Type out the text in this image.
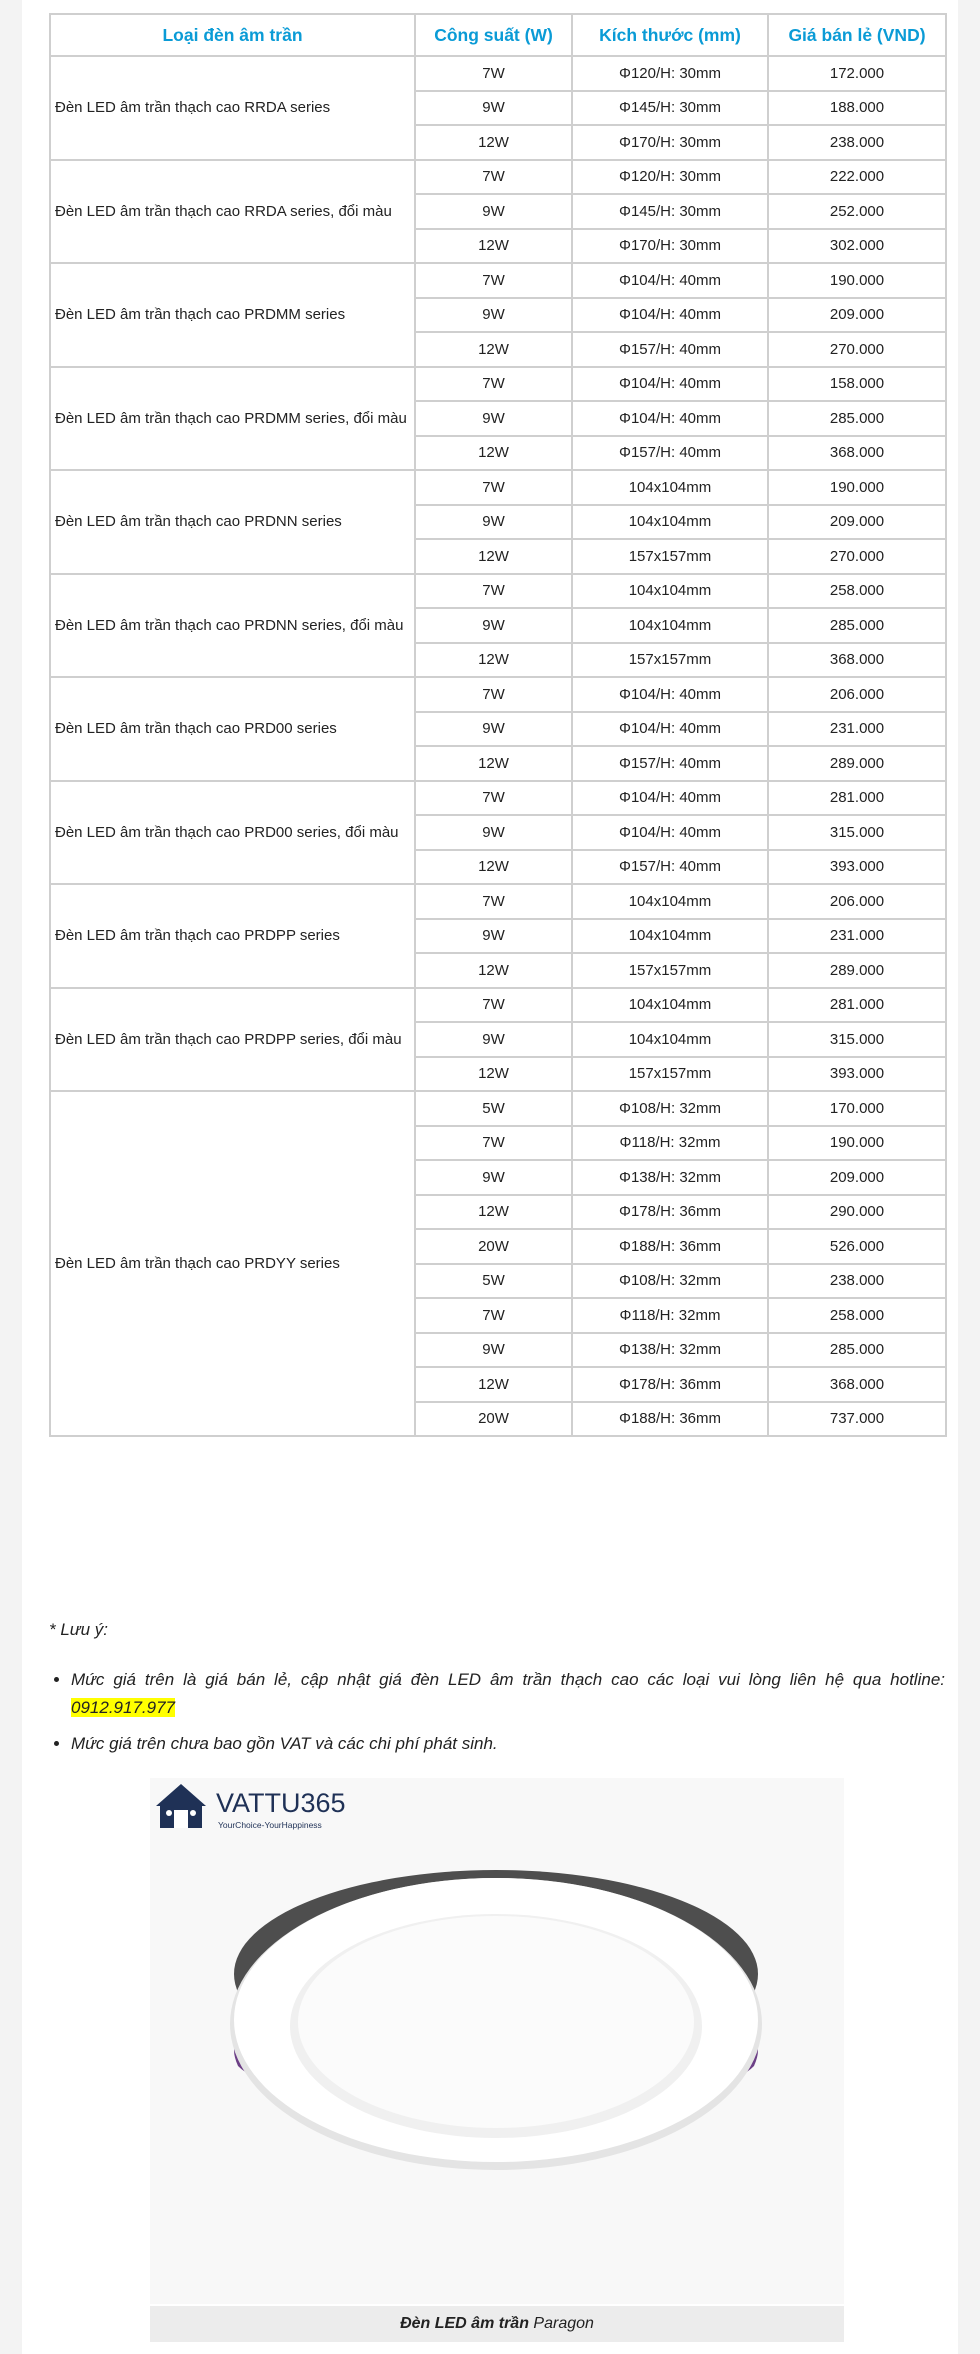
Loại đèn âm trần	Công suất (W)	Kích thước (mm)	Giá bán lẻ (VND)
Đèn LED âm trần thạch cao RRDA series	7W	Φ120/H: 30mm	172.000
	9W	Φ145/H: 30mm	188.000
	12W	Φ170/H: 30mm	238.000
Đèn LED âm trần thạch cao RRDA series, đổi màu	7W	Φ120/H: 30mm	222.000
	9W	Φ145/H: 30mm	252.000
	12W	Φ170/H: 30mm	302.000
Đèn LED âm trần thạch cao PRDMM series	7W	Φ104/H: 40mm	190.000
	9W	Φ104/H: 40mm	209.000
	12W	Φ157/H: 40mm	270.000
Đèn LED âm trần thạch cao PRDMM series, đổi màu	7W	Φ104/H: 40mm	158.000
	9W	Φ104/H: 40mm	285.000
	12W	Φ157/H: 40mm	368.000
Đèn LED âm trần thạch cao PRDNN series	7W	104x104mm	190.000
	9W	104x104mm	209.000
	12W	157x157mm	270.000
Đèn LED âm trần thạch cao PRDNN series, đổi màu	7W	104x104mm	258.000
	9W	104x104mm	285.000
	12W	157x157mm	368.000
Đèn LED âm trần thạch cao PRD00 series	7W	Φ104/H: 40mm	206.000
	9W	Φ104/H: 40mm	231.000
	12W	Φ157/H: 40mm	289.000
Đèn LED âm trần thạch cao PRD00 series, đổi màu	7W	Φ104/H: 40mm	281.000
	9W	Φ104/H: 40mm	315.000
	12W	Φ157/H: 40mm	393.000
Đèn LED âm trần thạch cao PRDPP series	7W	104x104mm	206.000
	9W	104x104mm	231.000
	12W	157x157mm	289.000
Đèn LED âm trần thạch cao PRDPP series, đổi màu	7W	104x104mm	281.000
	9W	104x104mm	315.000
	12W	157x157mm	393.000
Đèn LED âm trần thạch cao PRDYY series	5W	Φ108/H: 32mm	170.000
	7W	Φ118/H: 32mm	190.000
	9W	Φ138/H: 32mm	209.000
	12W	Φ178/H: 36mm	290.000
	20W	Φ188/H: 36mm	526.000
	5W	Φ108/H: 32mm	238.000
	7W	Φ118/H: 32mm	258.000
	9W	Φ138/H: 32mm	285.000
	12W	Φ178/H: 36mm	368.000
	20W	Φ188/H: 36mm	737.000
* Lưu ý:
• Mức giá trên là giá bán lẻ, cập nhật giá đèn LED âm trần thạch cao các loại vui lòng liên hệ qua hotline: 0912.917.977
• Mức giá trên chưa bao gồn VAT và các chi phí phát sinh.
VATTU365
YourChoice-YourHappiness
Đèn LED âm trần Paragon
